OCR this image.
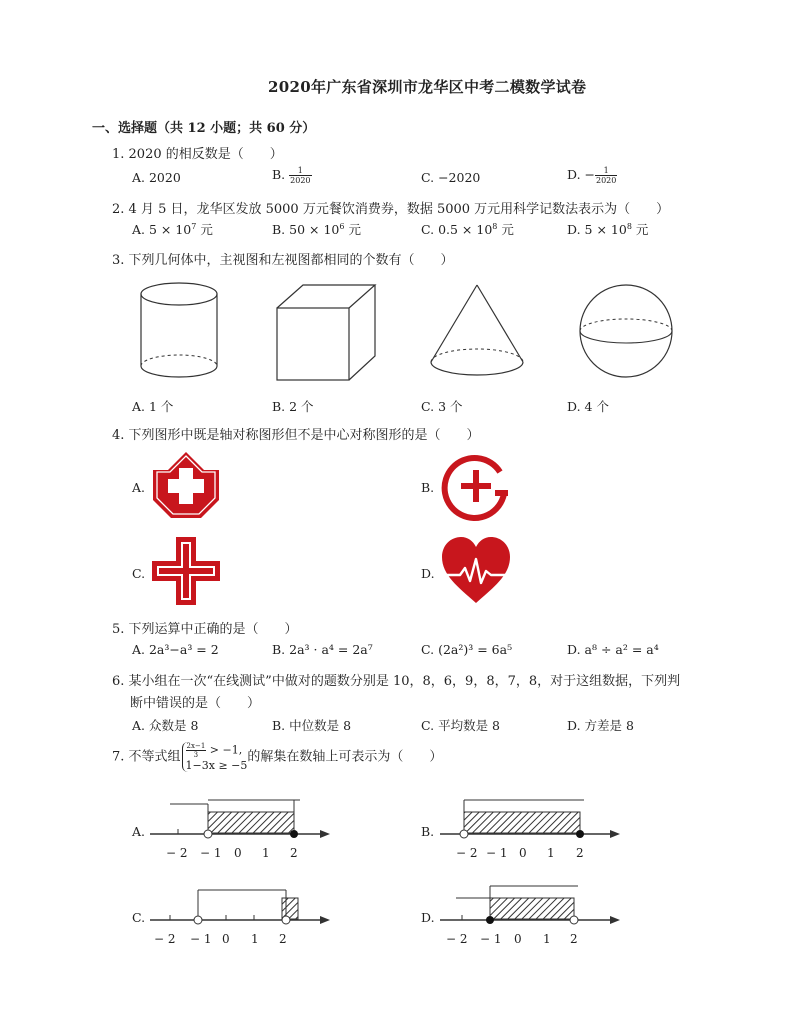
2020年广东省深圳市龙华区中考二模数学试卷
一、选择题（共 12 小题；共 60 分）
1. 2020 的相反数是（　　）
A. 2020	B. $\frac{1}{2020}$	C. −2020	D. − $\frac{1}{2020}$
2. 4 月 5 日，龙华区发放 5000 万元餐饮消费券，数据 5000 万元用科学记数法表示为（　　）
A. $5 \times 10^7$ 元	B. $50 \times 10^6$ 元	C. $0.5 \times 10^8$ 元	D. $5 \times 10^8$ 元
3. 下列几何体中，主视图和左视图都相同的个数有（　　）
A. 1 个	B. 2 个	C. 3 个	D. 4 个
4. 下列图形中既是轴对称图形但不是中心对称图形的是（　　）
A.	B.
C.	D.
5. 下列运算中正确的是（　　）
A. 2a³−a³ = 2	B. 2a³ · a⁴ = 2a⁷	C. (2a²)³ = 6a⁵	D. a⁸ ÷ a² = a⁴
6. 某小组在一次“在线测试”中做对的题数分别是 10，8，6，9，8，7，8，对于这组数据，下列判
断中错误的是（　　）
A. 众数是 8	B. 中位数是 8	C. 平均数是 8	D. 方差是 8
7. 不等式组 $\frac{2x-1}{3} > -1$,
1−3x ≥ −5
的解集在数轴上可表示为（　　）
A.
− 2 − 1 0 1 2
B.
− 2 − 1 0 1 2
C.
− 2 − 1 0 1 2
D.
− 2 − 1 0 1 2
